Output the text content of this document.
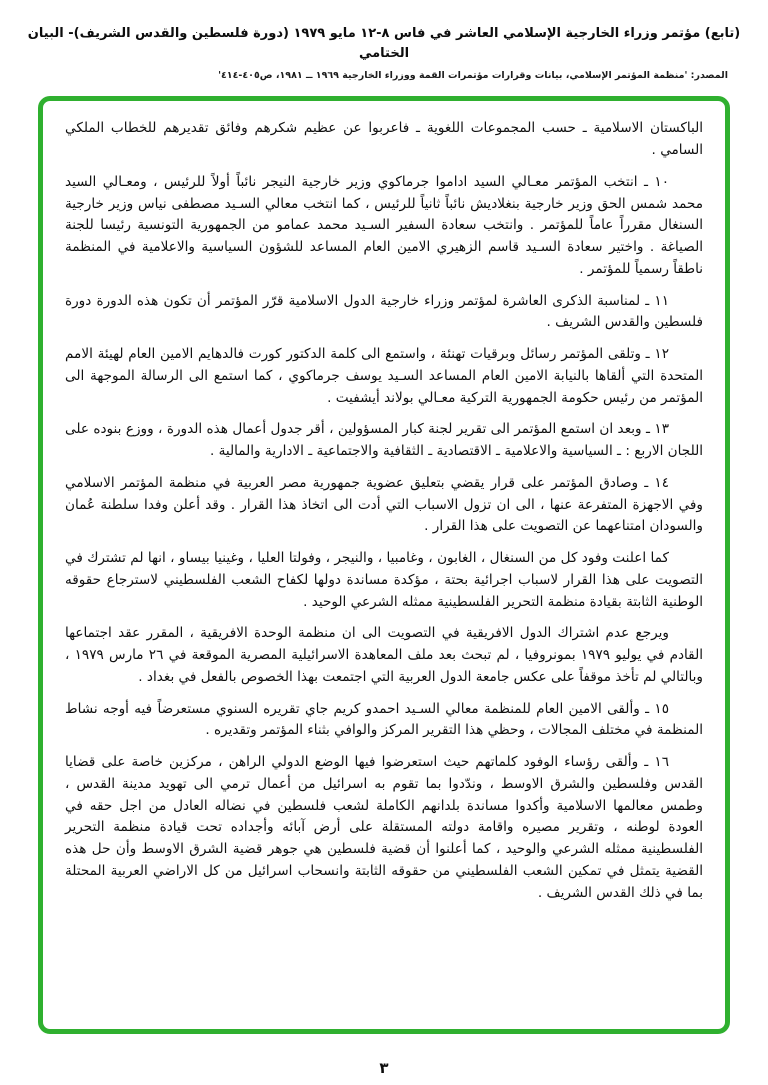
(تابع) مؤتمر وزراء الخارجية الإسلامي العاشر في فاس ٨-١٢ مايو ١٩٧٩ (دورة فلسطين والقدس الشريف)- البيان الختامي
المصدر: 'منظمة المؤتمر الإسلامي، بيانات وقرارات مؤتمرات القمة ووزراء الخارجية ١٩٦٩ ــ ١٩٨١، ص٤٠٥-٤١٤'

الباكستان الاسلامية ـ حسب المجموعات اللغوية ـ فاعربوا عن عظيم شكرهم وفائق تقديرهم للخطاب الملكي السامي .

١٠ ـ انتخب المؤتمر معـالي السيد اداموا جرماكوي وزير خارجية النيجر نائباً أولاً للرئيس ، ومعـالي السيد محمد شمس الحق وزير خارجية بنغلاديش نائباً ثانياً للرئيس ، كما انتخب معالي السـيد مصطفى نياس وزير خارجية السنغال مقرراً عاماً للمؤتمر . وانتخب سعادة السفير السـيد محمد عمامو من الجمهورية التونسية رئيسا للجنة الصياغة . واختير سعادة السـيد قاسم الزهيري الامين العام المساعد للشؤون السياسية والاعلامية في المنظمة ناطقاً رسمياً للمؤتمر .

١١ ـ لمناسبة الذكرى العاشرة لمؤتمر وزراء خارجية الدول الاسلامية قرّر المؤتمر أن تكون هذه الدورة دورة فلسطين والقدس الشريف .

١٢ ـ وتلقى المؤتمر رسائل وبرقيات تهنئة ، واستمع الى كلمة الدكتور كورت فالدهايم الامين العام لهيئة الامم المتحدة التي ألقاها بالنيابة الامين العام المساعد السـيد يوسف جرماكوي ، كما استمع الى الرسالة الموجهة الى المؤتمر من رئيس حكومة الجمهورية التركية معـالي بولاند أيشفيت .

١٣ ـ وبعد ان استمع المؤتمر الى تقرير لجنة كبار المسؤولين ، أقر جدول أعمال هذه الدورة ، ووزع بنوده على اللجان الاربع : ـ السياسية والاعلامية ـ الاقتصادية ـ الثقافية والاجتماعية ـ الادارية والمالية .

١٤ ـ وصادق المؤتمر على قرار يقضي بتعليق عضوية جمهورية مصر العربية في منظمة المؤتمر الاسلامي وفي الاجهزة المتفرعة عنها ، الى ان تزول الاسباب التي أدت الى اتخاذ هذا القرار . وقد أعلن وفدا سلطنة عُمان والسودان امتناعهما عن التصويت على هذا القرار .

كما اعلنت وفود كل من السنغال ، الغابون ، وغامبيا ، والنيجر ، وفولتا العليا ، وغينيا بيساو ، انها لم تشترك في التصويت على هذا القرار لاسباب اجرائية بحتة ، مؤكدة مساندة دولها لكفاح الشعب الفلسطيني لاسترجاع حقوقه الوطنية الثابتة بقيادة منظمة التحرير الفلسطينية ممثله الشرعي الوحيد .

ويرجع عدم اشتراك الدول الافريقية في التصويت الى ان منظمة الوحدة الافريقية ، المقرر عقد اجتماعها القادم في يوليو ١٩٧٩ بمونروفيا ، لم تبحث بعد ملف المعاهدة الاسرائيلية المصرية الموقعة في ٢٦ مارس ١٩٧٩ ، وبالتالي لم تأخذ موقفاً على عكس جامعة الدول العربية التي اجتمعت بهذا الخصوص بالفعل في بغداد .

١٥ ـ وألقى الامين العام للمنظمة معالي السـيد احمدو كريم جاي تقريره السنوي مستعرضاً فيه أوجه نشاط المنظمة في مختلف المجالات ، وحظي هذا التقرير المركز والوافي بثناء المؤتمر وتقديره .

١٦ ـ وألقى رؤساء الوفود كلماتهم حيث استعرضوا فيها الوضع الدولي الراهن ، مركزين خاصة على قضايا القدس وفلسطين والشرق الاوسط ، وندّدوا بما تقوم به اسرائيل من أعمال ترمي الى تهويد مدينة القدس ، وطمس معالمها الاسلامية وأكدوا مساندة بلدانهم الكاملة لشعب فلسطين في نضاله العادل من اجل حقه في العودة لوطنه ، وتقرير مصيره واقامة دولته المستقلة على أرض آبائه وأجداده تحت قيادة منظمة التحرير الفلسطينية ممثله الشرعي والوحيد ، كما أعلنوا أن قضية فلسطين هي جوهر قضية الشرق الاوسط وأن حل هذه القضية يتمثل في تمكين الشعب الفلسطيني من حقوقه الثابتة وانسحاب اسرائيل من كل الاراضي العربية المحتلة بما في ذلك القدس الشريف .

٣
